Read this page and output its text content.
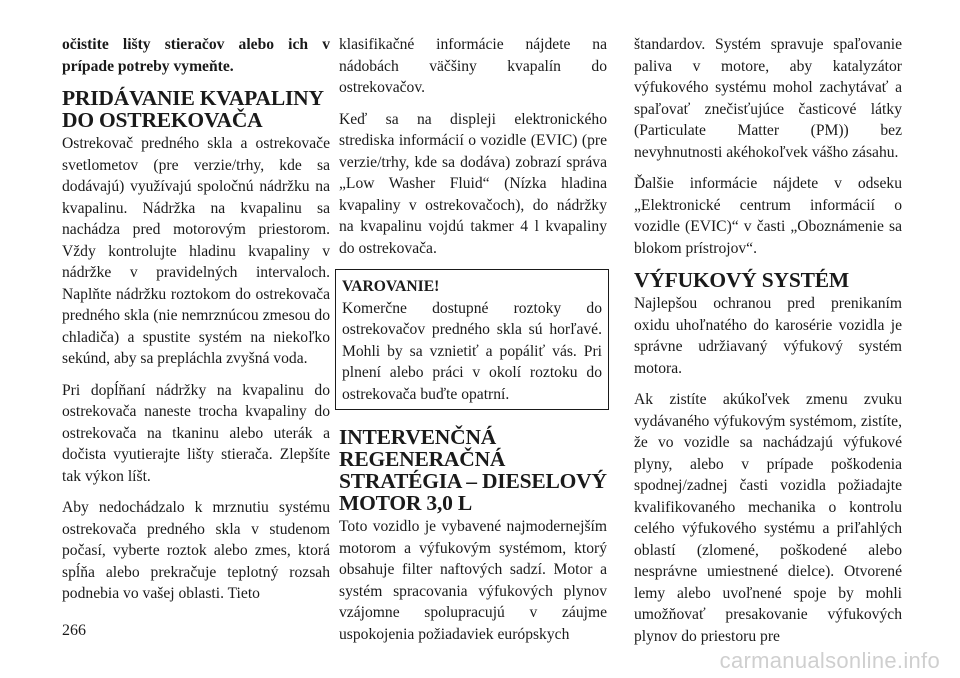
očistite lišty stieračov alebo ich v prípade potreby vymeňte.

PRIDÁVANIE KVAPALINY DO OSTREKOVAČA

Ostrekovač predného skla a ostrekovače svetlometov (pre verzie/trhy, kde sa dodávajú) využívajú spoločnú nádržku na kvapalinu. Nádržka na kvapalinu sa nachádza pred motorovým priestorom. Vždy kontrolujte hladinu kvapaliny v nádržke v pravidelných intervaloch. Naplňte nádržku roztokom do ostrekovača predného skla (nie nemrznúcou zmesou do chladiča) a spustite systém na niekoľko sekúnd, aby sa prepláchla zvyšná voda.

Pri dopĺňaní nádržky na kvapalinu do ostrekovača naneste trocha kvapaliny do ostrekovača na tkaninu alebo uterák a dočista vyutierajte lišty stierača. Zlepšíte tak výkon líšt.

Aby nedochádzalo k mrznutiu systému ostrekovača predného skla v studenom počasí, vyberte roztok alebo zmes, ktorá spĺňa alebo prekračuje teplotný rozsah podnebia vo vašej oblasti. Tieto

klasifikačné informácie nájdete na nádobách väčšiny kvapalín do ostrekovačov.

Keď sa na displeji elektronického strediska informácií o vozidle (EVIC) (pre verzie/trhy, kde sa dodáva) zobrazí správa „Low Washer Fluid“ (Nízka hladina kvapaliny v ostrekovačoch), do nádržky na kvapalinu vojdú takmer 4 l kvapaliny do ostrekovača.

VAROVANIE!

Komerčne dostupné roztoky do ostrekovačov predného skla sú horľavé. Mohli by sa vznietiť a popáliť vás. Pri plnení alebo práci v okolí roztoku do ostrekovača buďte opatrní.

INTERVENČNÁ REGENERAČNÁ STRATÉGIA – DIESELOVÝ MOTOR 3,0 L

Toto vozidlo je vybavené najmodernejším motorom a výfukovým systémom, ktorý obsahuje filter naftových sadzí. Motor a systém spracovania výfukových plynov vzájomne spolupracujú v záujme uspokojenia požiadaviek európskych

štandardov. Systém spravuje spaľovanie paliva v motore, aby katalyzátor výfukového systému mohol zachytávať a spaľovať znečisťujúce časticové látky (Particulate Matter (PM)) bez nevyhnutnosti akéhokoľvek vášho zásahu.

Ďalšie informácie nájdete v odseku „Elektronické centrum informácií o vozidle (EVIC)“ v časti „Oboznámenie sa blokom prístrojov“.

VÝFUKOVÝ SYSTÉM

Najlepšou ochranou pred prenikaním oxidu uhoľnatého do karosérie vozidla je správne udržiavaný výfukový systém motora.

Ak zistíte akúkoľvek zmenu zvuku vydávaného výfukovým systémom, zistíte, že vo vozidle sa nachádzajú výfukové plyny, alebo v prípade poškodenia spodnej/zadnej časti vozidla požiadajte kvalifikovaného mechanika o kontrolu celého výfukového systému a priľahlých oblastí (zlomené, poškodené alebo nesprávne umiestnené dielce). Otvorené lemy alebo uvoľnené spoje by mohli umožňovať presakovanie výfukových plynov do priestoru pre

266
carmanualsonline.info
